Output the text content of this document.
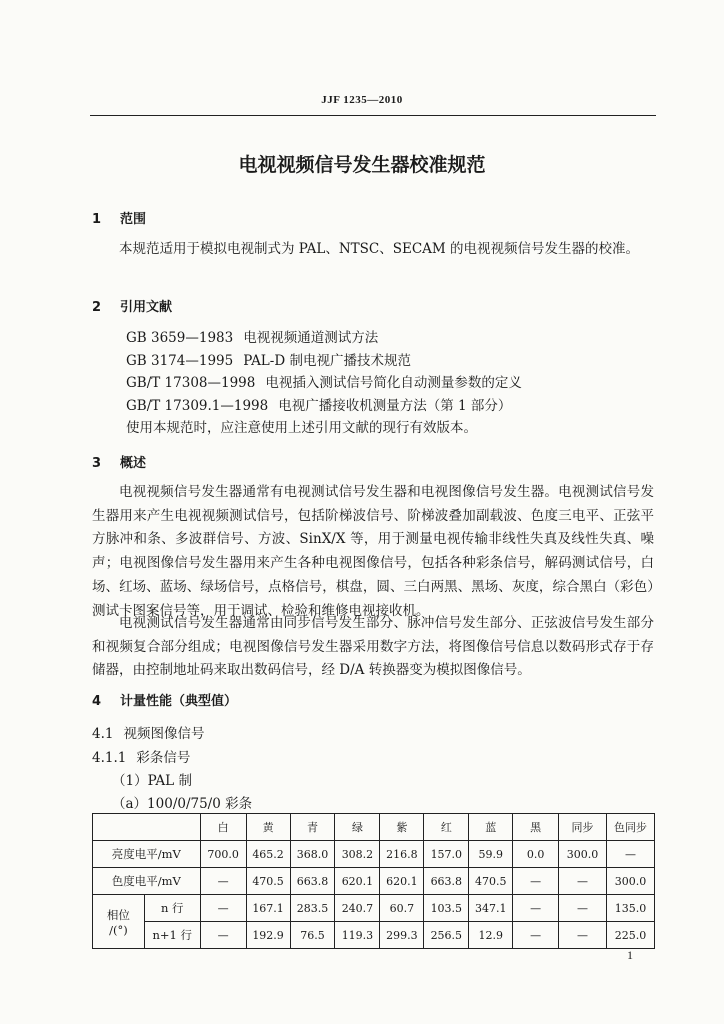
JJF 1235—2010
电视视频信号发生器校准规范
1 范围

本规范适用于模拟电视制式为 PAL、NTSC、SECAM 的电视视频信号发生器的校准。

2 引用文献
GB 3659—1983 电视视频通道测试方法
GB 3174—1995 PAL-D 制电视广播技术规范
GB/T 17308—1998 电视插入测试信号简化自动测量参数的定义
GB/T 17309.1—1998 电视广播接收机测量方法（第 1 部分）
使用本规范时，应注意使用上述引用文献的现行有效版本。
3 概述

电视视频信号发生器通常有电视测试信号发生器和电视图像信号发生器。电视测试信号发生器用来产生电视视频测试信号，包括阶梯波信号、阶梯波叠加副载波、色度三电平、正弦平方脉冲和条、多波群信号、方波、SinX/X 等，用于测量电视传输非线性失真及线性失真、噪声；电视图像信号发生器用来产生各种电视图像信号，包括各种彩条信号，解码测试信号，白场、红场、蓝场、绿场信号，点格信号，棋盘，圆、三白两黑、黑场、灰度，综合黑白（彩色）测试卡图案信号等，用于调试、检验和维修电视接收机。

电视测试信号发生器通常由同步信号发生部分、脉冲信号发生部分、正弦波信号发生部分和视频复合部分组成；电视图像信号发生器采用数字方法，将图像信号信息以数码形式存于存储器，由控制地址码来取出数码信号，经 D/A 转换器变为模拟图像信号。

4 计量性能（典型值）
4.1 视频图像信号
4.1.1 彩条信号
（1）PAL 制
（a）100/0/75/0 彩条
		白	黄	青	绿	紫	红	蓝	黑	同步	色同步
亮度电平/mV		700.0	465.2	368.0	308.2	216.8	157.0	59.9	0.0	300.0	—
色度电平/mV		—	470.5	663.8	620.1	620.1	663.8	470.5	—	—	300.0

相位
/(°)	n 行	—	167.1	283.5	240.7	60.7	103.5	347.1	—	—	135.0
	n+1 行	—	192.9	76.5	119.3	299.3	256.5	12.9	—	—	225.0
1
